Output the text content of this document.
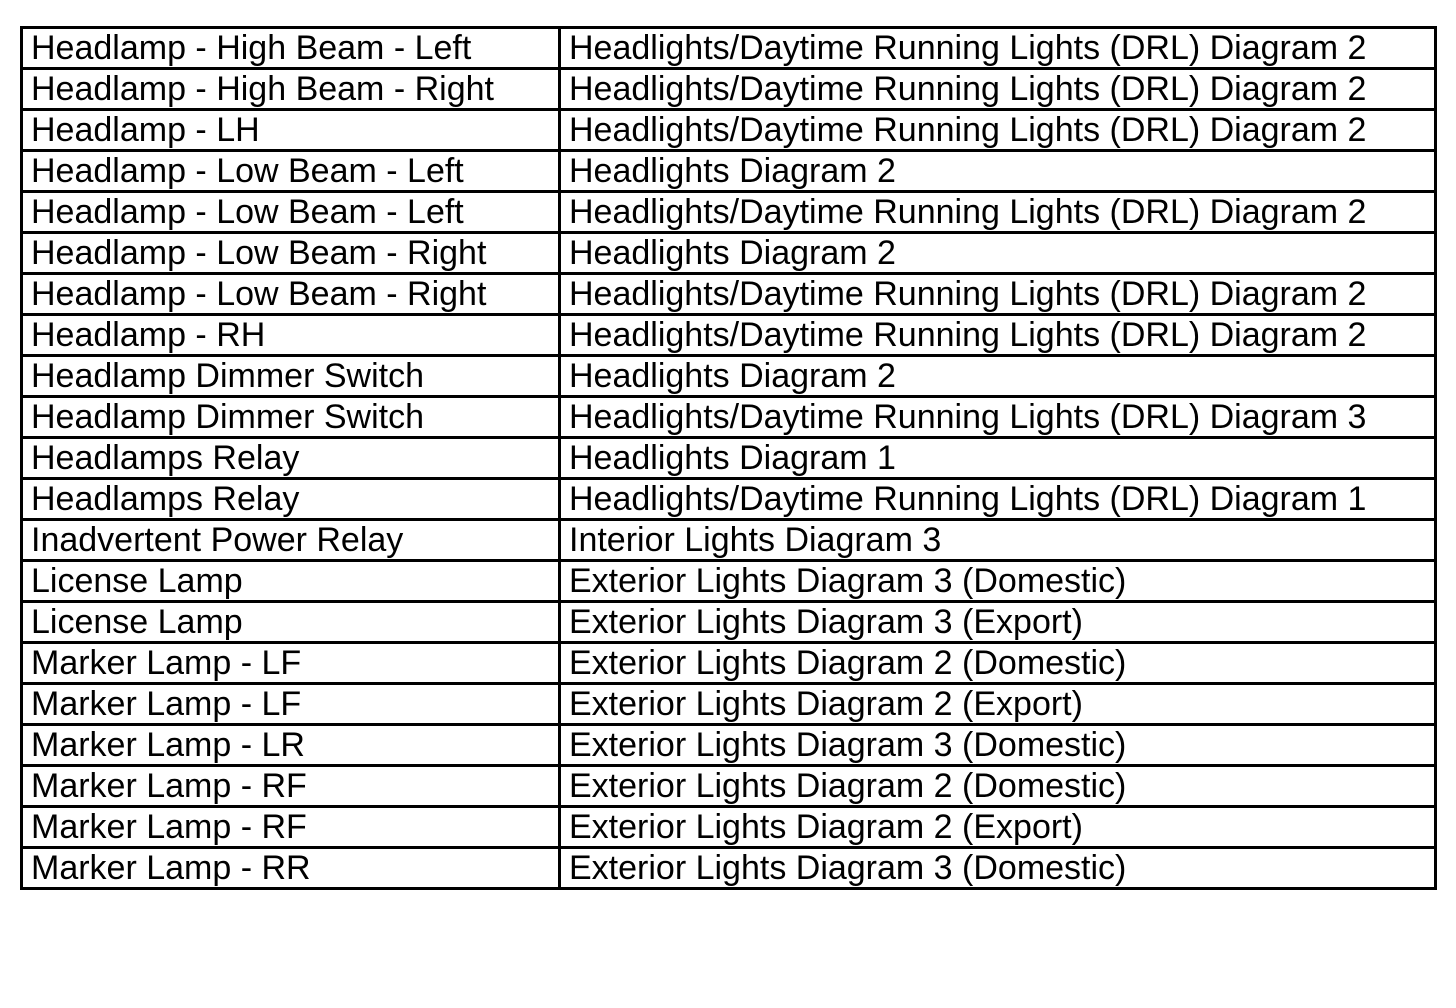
Headlamp - High Beam - Left	Headlights/Daytime Running Lights (DRL) Diagram 2
Headlamp - High Beam - Right	Headlights/Daytime Running Lights (DRL) Diagram 2
Headlamp - LH	Headlights/Daytime Running Lights (DRL) Diagram 2
Headlamp - Low Beam - Left	Headlights Diagram 2
Headlamp - Low Beam - Left	Headlights/Daytime Running Lights (DRL) Diagram 2
Headlamp - Low Beam - Right	Headlights Diagram 2
Headlamp - Low Beam - Right	Headlights/Daytime Running Lights (DRL) Diagram 2
Headlamp - RH	Headlights/Daytime Running Lights (DRL) Diagram 2
Headlamp Dimmer Switch	Headlights Diagram 2
Headlamp Dimmer Switch	Headlights/Daytime Running Lights (DRL) Diagram 3
Headlamps Relay	Headlights Diagram 1
Headlamps Relay	Headlights/Daytime Running Lights (DRL) Diagram 1
Inadvertent Power Relay	Interior Lights Diagram 3
License Lamp	Exterior Lights Diagram 3 (Domestic)
License Lamp	Exterior Lights Diagram 3 (Export)
Marker Lamp - LF	Exterior Lights Diagram 2 (Domestic)
Marker Lamp - LF	Exterior Lights Diagram 2 (Export)
Marker Lamp - LR	Exterior Lights Diagram 3 (Domestic)
Marker Lamp - RF	Exterior Lights Diagram 2 (Domestic)
Marker Lamp - RF	Exterior Lights Diagram 2 (Export)
Marker Lamp - RR	Exterior Lights Diagram 3 (Domestic)
